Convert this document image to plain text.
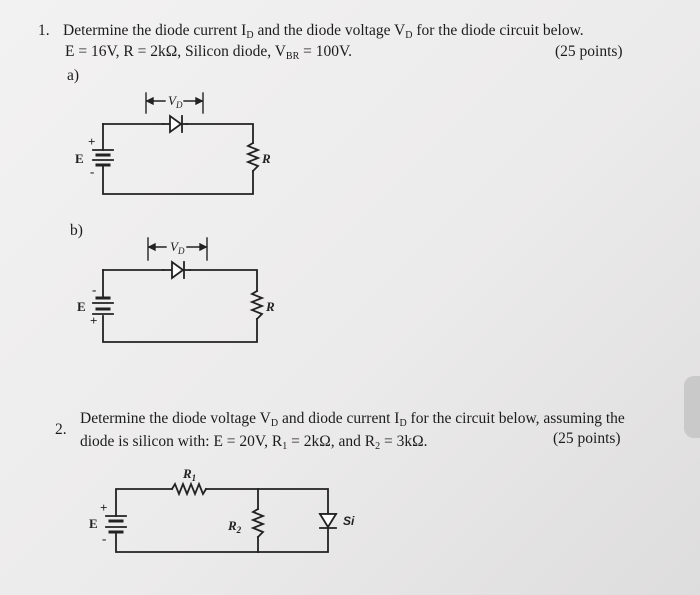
1. Determine the diode current $I_D$ and the diode voltage $V_D$ for the diode circuit below.
E = 16V, R = 2kΩ, Silicon diode, $V_{BR} = 100V$.	(25 points)
a)
b)
2.
Determine the diode voltage $V_D$ and diode current $I_D$ for the circuit below, assuming the
diode is silicon with: E = 20V, $R_1 = 2k\Omega$, and $R_2 = 3k\Omega$.	(25 points)
$V_D$
+
E
-
R
$V_D$
-
E
+
R
$R_1$
$R_2$
+
E
-
Si
